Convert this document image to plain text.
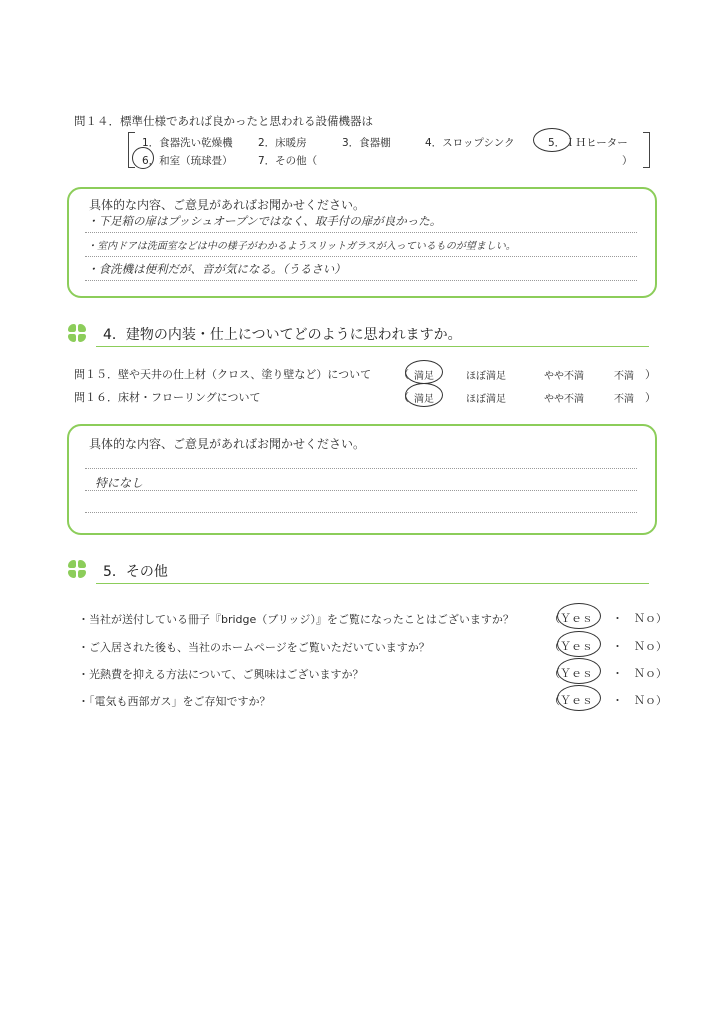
問１４．標準仕様であれば良かったと思われる設備機器は
1．食器洗い乾燥機 2．床暖房	3．食器棚	4．スロップシンク	5．ＩＨヒーター
6．和室（琉球畳） 7．その他（	）
具体的な内容、ご意見があればお聞かせください。
・下足箱の扉はプッシュオープンではなく、取手付の扉が良かった。
・室内ドアは洗面室などは中の様子がわかるようスリットガラスが入っているものが望ましい。
・食洗機は便利だが、音が気になる。（うるさい）
4．建物の内装・仕上についてどのように思われますか。
問１５．壁や天井の仕上材（クロス、塗り壁など）について （ 満足	ほぼ満足	やや不満	不満 ）
問１６．床材・フローリングについて	（ 満足	ほぼ満足	やや不満	不満 ）
具体的な内容、ご意見があればお聞かせください。
特になし
5．その他
・当社が送付している冊子『bridge（ブリッジ）』をご覧になったことはございますか？	（Ｙｅｓ ・ Ｎｏ）
・ご入居された後も、当社のホームページをご覧いただいていますか？	（Ｙｅｓ ・ Ｎｏ）
・光熱費を抑える方法について、ご興味はございますか？	（Ｙｅｓ ・ Ｎｏ）
・「電気も西部ガス」をご存知ですか？	（Ｙｅｓ ・ Ｎｏ）
